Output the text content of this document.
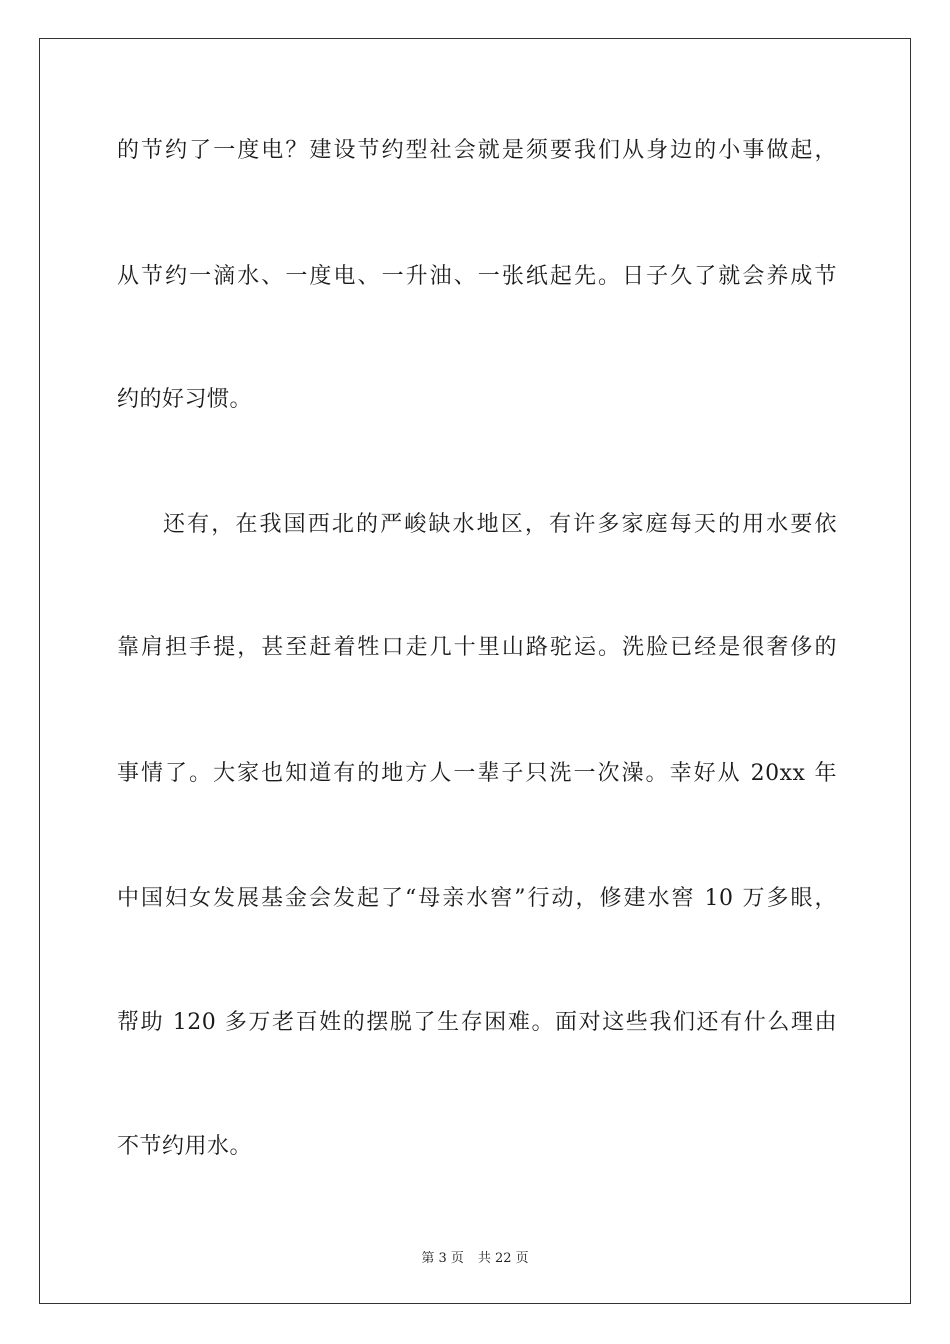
的节约了一度电？建设节约型社会就是须要我们从身边的小事做起，
从节约一滴水、一度电、一升油、一张纸起先。日子久了就会养成节
约的好习惯。
还有，在我国西北的严峻缺水地区，有许多家庭每天的用水要依
靠肩担手提，甚至赶着牲口走几十里山路驼运。洗脸已经是很奢侈的
事情了。大家也知道有的地方人一辈子只洗一次澡。幸好从 20xx 年
中国妇女发展基金会发起了“母亲水窖”行动，修建水窖 10 万多眼，
帮助 120 多万老百姓的摆脱了生存困难。面对这些我们还有什么理由
不节约用水。
第 3 页 共 22 页
